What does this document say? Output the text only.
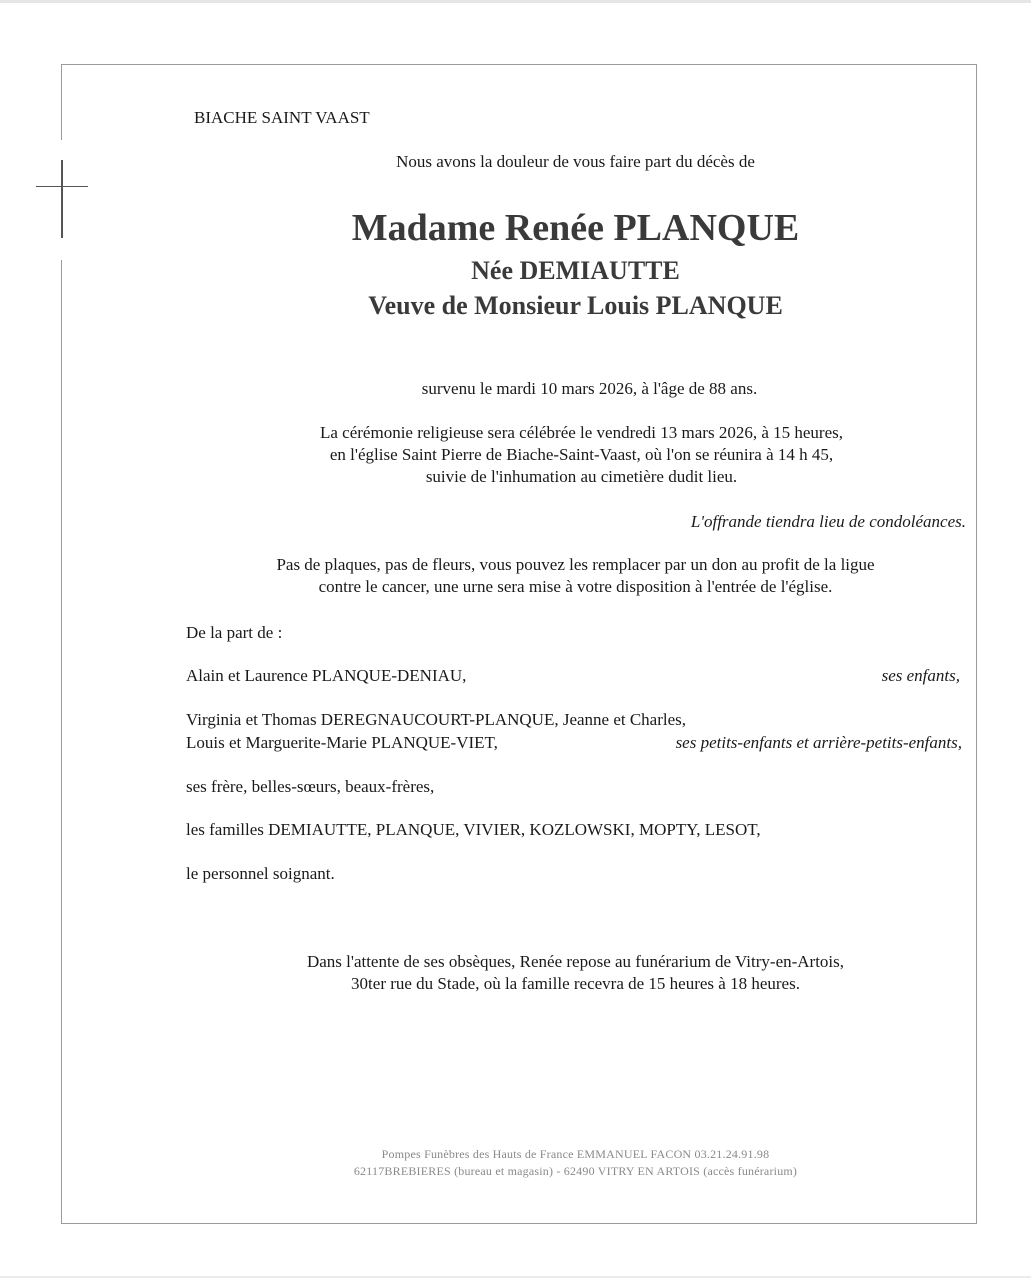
BIACHE SAINT VAAST
Nous avons la douleur de vous faire part du décès de
Madame Renée PLANQUE
Née DEMIAUTTE
Veuve de Monsieur Louis PLANQUE
survenu le mardi 10 mars 2026, à l'âge de 88 ans.
La cérémonie religieuse sera célébrée le vendredi 13 mars 2026, à 15 heures,
en l'église Saint Pierre de Biache-Saint-Vaast, où l'on se réunira à 14 h 45,
suivie de l'inhumation au cimetière dudit lieu.
L'offrande tiendra lieu de condoléances.
Pas de plaques, pas de fleurs, vous pouvez les remplacer par un don au profit de la ligue
contre le cancer, une urne sera mise à votre disposition à l'entrée de l'église.
De la part de :
Alain et Laurence PLANQUE-DENIAU,	ses enfants,
Virginia et Thomas DEREGNAUCOURT-PLANQUE, Jeanne et Charles,
Louis et Marguerite-Marie PLANQUE-VIET,	ses petits-enfants et arrière-petits-enfants,
ses frère, belles-sœurs, beaux-frères,
les familles DEMIAUTTE, PLANQUE, VIVIER, KOZLOWSKI, MOPTY, LESOT,
le personnel soignant.
Dans l'attente de ses obsèques, Renée repose au funérarium de Vitry-en-Artois,
30ter rue du Stade, où la famille recevra de 15 heures à 18 heures.
Pompes Funèbres des Hauts de France EMMANUEL FACON 03.21.24.91.98
62117BREBIERES (bureau et magasin) - 62490 VITRY EN ARTOIS (accès funérarium)
